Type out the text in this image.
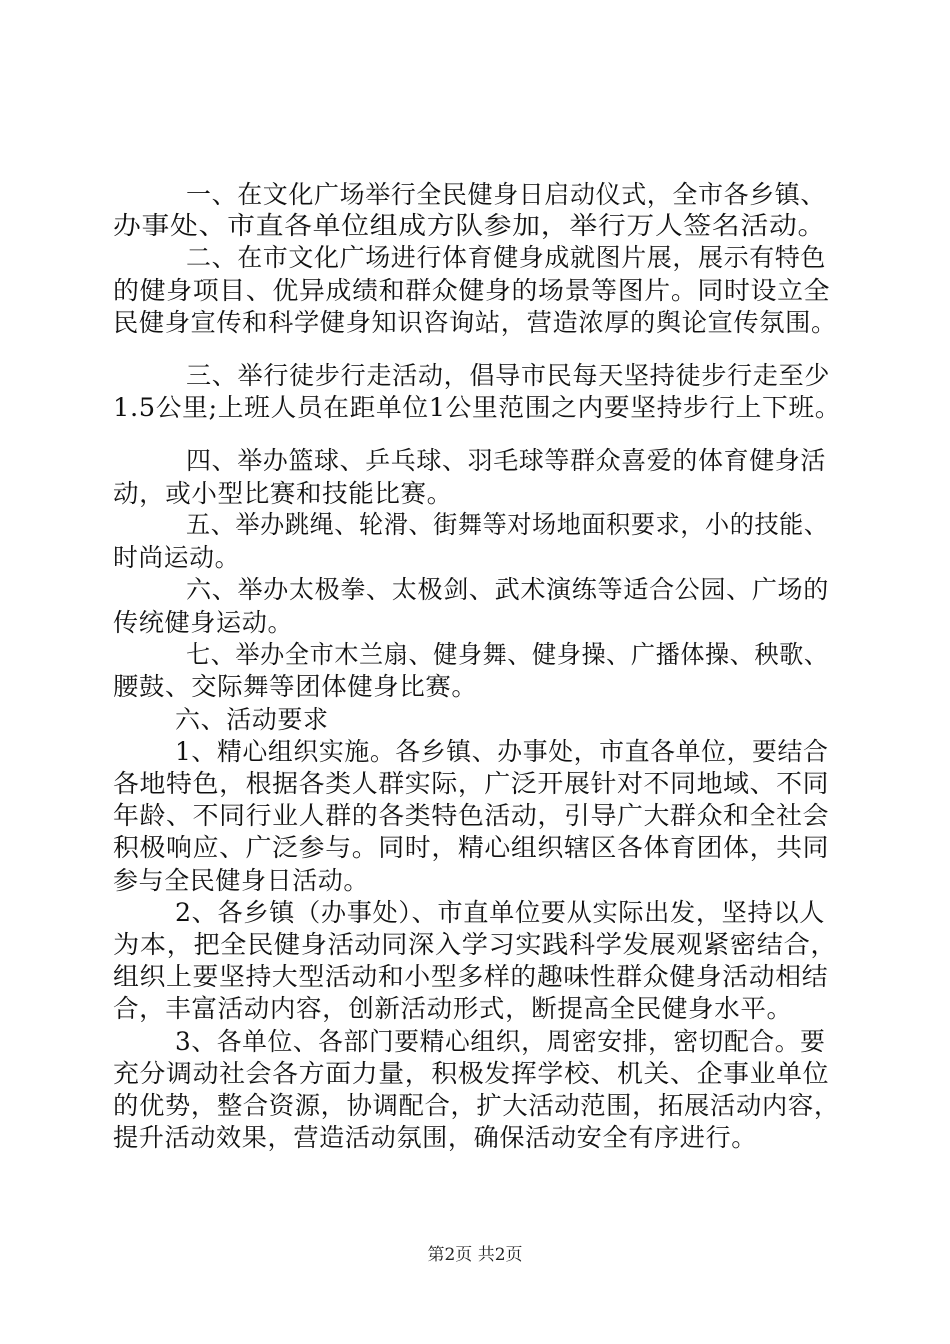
一、在文化广场举行全民健身日启动仪式，全市各乡镇、
办事处、市直各单位组成方队参加，举行万人签名活动。
二、在市文化广场进行体育健身成就图片展，展示有特色
的健身项目、优异成绩和群众健身的场景等图片。同时设立全
民健身宣传和科学健身知识咨询站，营造浓厚的舆论宣传氛围。
三、举行徒步行走活动，倡导市民每天坚持徒步行走至少
1.5公里;上班人员在距单位1公里范围之内要坚持步行上下班。
四、举办篮球、乒乓球、羽毛球等群众喜爱的体育健身活
动，或小型比赛和技能比赛。
五、举办跳绳、轮滑、街舞等对场地面积要求，小的技能、
时尚运动。
六、举办太极拳、太极剑、武术演练等适合公园、广场的
传统健身运动。
七、举办全市木兰扇、健身舞、健身操、广播体操、秧歌、
腰鼓、交际舞等团体健身比赛。
六、活动要求
1、精心组织实施。各乡镇、办事处，市直各单位，要结合
各地特色，根据各类人群实际，广泛开展针对不同地域、不同
年龄、不同行业人群的各类特色活动，引导广大群众和全社会
积极响应、广泛参与。同时，精心组织辖区各体育团体，共同
参与全民健身日活动。
2、各乡镇（办事处）、市直单位要从实际出发，坚持以人
为本，把全民健身活动同深入学习实践科学发展观紧密结合，
组织上要坚持大型活动和小型多样的趣味性群众健身活动相结
合，丰富活动内容，创新活动形式，断提高全民健身水平。
3、各单位、各部门要精心组织，周密安排，密切配合。要
充分调动社会各方面力量，积极发挥学校、机关、企事业单位
的优势，整合资源，协调配合，扩大活动范围，拓展活动内容，
提升活动效果，营造活动氛围，确保活动安全有序进行。
第2页 共2页
